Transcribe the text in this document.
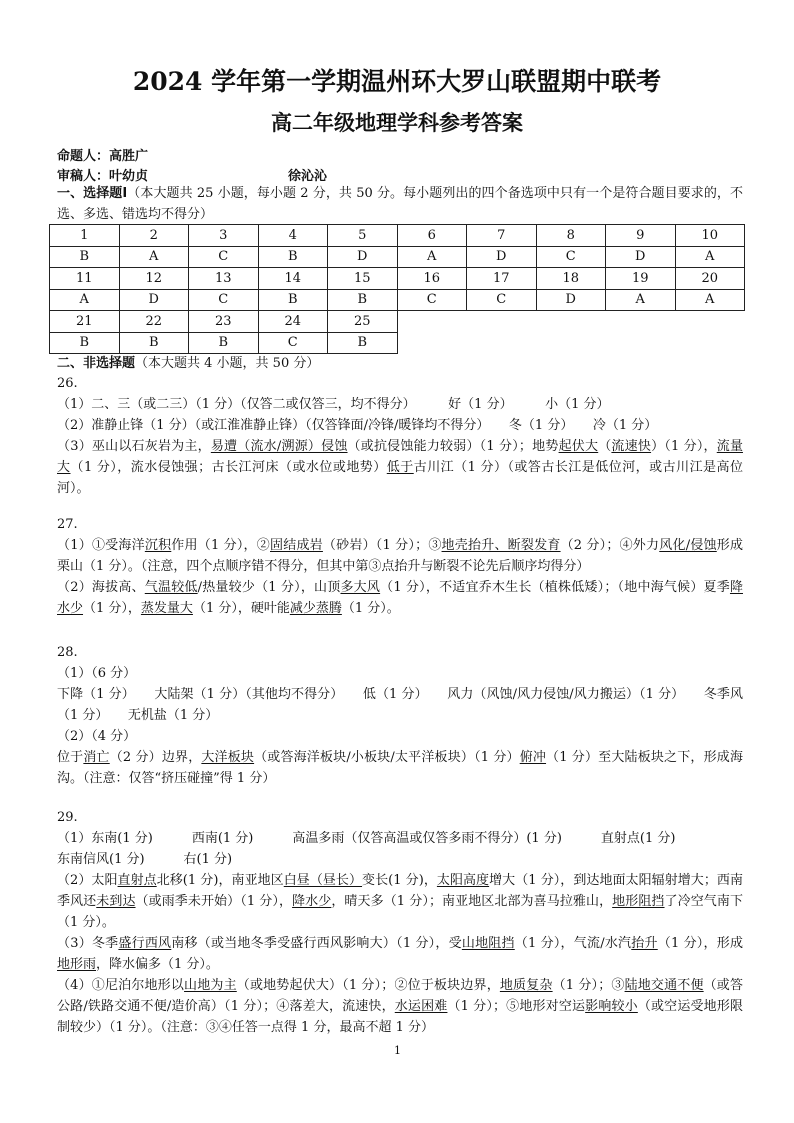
2024 学年第一学期温州环大罗山联盟期中联考
高二年级地理学科参考答案
命题人：高胜广
审稿人：叶幼贞	徐沁沁
一、选择题Ⅰ（本大题共 25 小题，每小题 2 分，共 50 分。每小题列出的四个备选项中只有一个是符合题目要求的，不选、多选、错选均不得分）
1	2	3	4	5	6	7	8	9	10
B	A	C	B	D	A	D	C	D	A
11	12	13	14	15	16	17	18	19	20
A	D	C	B	B	C	C	D	A	A
21	22	23	24	25					
B	B	B	C	B					
二、非选择题（本大题共 4 小题，共 50 分）

26.

（1）二、三（或二三）（1 分）（仅答二或仅答三，均不得分）　　　好（1 分）　　　小（1 分）

（2）准静止锋（1 分）（或江淮准静止锋）（仅答锋面/冷锋/暖锋均不得分）　　冬（1 分）　　冷（1 分）

（3）巫山以石灰岩为主，易遭（流水/溯源）侵蚀（或抗侵蚀能力较弱）（1 分）；地势起伏大（流速快）（1 分），流量大（1 分），流水侵蚀强；古长江河床（或水位或地势）低于古川江（1 分）（或答古长江是低位河，或古川江是高位河）。

27.

（1）①受海洋沉积作用（1 分），②固结成岩（砂岩）（1 分）；③地壳抬升、断裂发育（2 分）；④外力风化/侵蚀形成栗山（1 分）。（注意，四个点顺序错不得分，但其中第③点抬升与断裂不论先后顺序均得分）

（2）海拔高、气温较低/热量较少（1 分），山顶多大风（1 分），不适宜乔木生长（植株低矮）；（地中海气候）夏季降水少（1 分），蒸发量大（1 分），硬叶能减少蒸腾（1 分）。

28.

（1）（6 分）

下降（1 分）　　大陆架（1 分）（其他均不得分）　　低（1 分）　　风力（风蚀/风力侵蚀/风力搬运）（1 分）　　冬季风（1 分）　　无机盐（1 分）

（2）（4 分）

位于消亡（2 分）边界，大洋板块（或答海洋板块/小板块/太平洋板块）（1 分）俯冲（1 分）至大陆板块之下，形成海沟。（注意：仅答“挤压碰撞”得 1 分）

29.

（1）东南(1 分)　　　西南(1 分)　　　高温多雨（仅答高温或仅答多雨不得分）(1 分)　　　直射点(1 分)

东南信风(1 分)　　　右(1 分)

（2）太阳直射点北移(1 分)，南亚地区白昼（昼长）变长(1 分)，太阳高度增大（1 分），到达地面太阳辐射增大；西南季风还未到达（或雨季未开始）（1 分），降水少，晴天多（1 分）；南亚地区北部为喜马拉雅山，地形阻挡了冷空气南下（1 分）。

（3）冬季盛行西风南移（或当地冬季受盛行西风影响大）（1 分），受山地阻挡（1 分），气流/水汽抬升（1 分），形成地形雨，降水偏多（1 分）。

（4）①尼泊尔地形以山地为主（或地势起伏大）（1 分）；②位于板块边界，地质复杂（1 分）；③陆地交通不便（或答公路/铁路交通不便/造价高）（1 分）；④落差大，流速快，水运困难（1 分）；⑤地形对空运影响较小（或空运受地形限制较少）（1 分）。（注意：③④任答一点得 1 分，最高不超 1 分）

1
